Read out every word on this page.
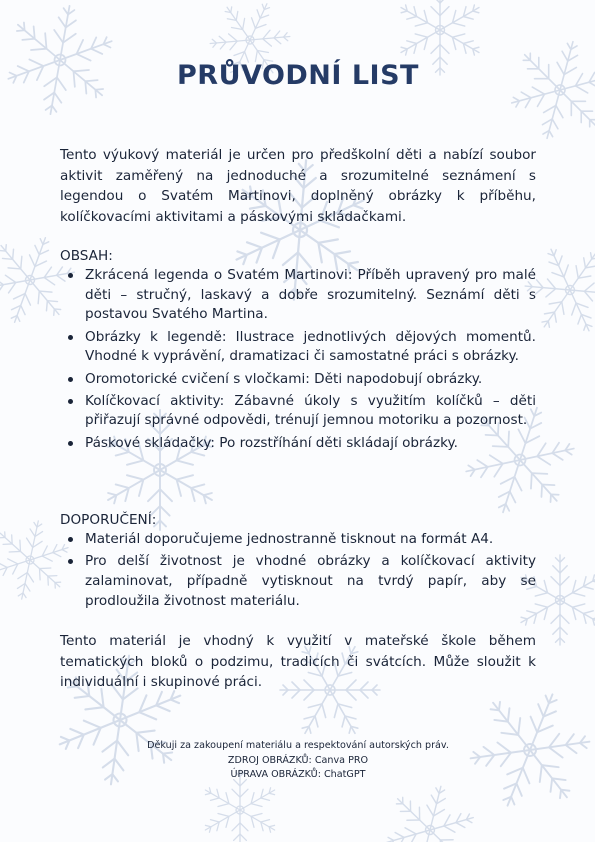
PRŮVODNÍ LIST

Tento výukový materiál je určen pro předškolní děti a nabízí soubor aktivit zaměřený na jednoduché a srozumitelné seznámení s legendou o Svatém Martinovi, doplněný obrázky k příběhu, kolíčkovacími aktivitami a páskovými skládačkami.

OBSAH:
Zkrácená legenda o Svatém Martinovi: Příběh upravený pro malé děti – stručný, laskavý a dobře srozumitelný. Seznámí děti s postavou Svatého Martina.
Obrázky k legendě: Ilustrace jednotlivých dějových momentů. Vhodné k vyprávění, dramatizaci či samostatné práci s obrázky.
Oromotorické cvičení s vločkami: Děti napodobují obrázky.
Kolíčkovací aktivity: Zábavné úkoly s využitím kolíčků – děti přiřazují správné odpovědi, trénují jemnou motoriku a pozornost.
Páskové skládačky: Po rozstříhání děti skládají obrázky.
DOPORUČENÍ:
Materiál doporučujeme jednostranně tisknout na formát A4.
Pro delší životnost je vhodné obrázky a kolíčkovací aktivity zalaminovat, případně vytisknout na tvrdý papír, aby se prodloužila životnost materiálu.

Tento materiál je vhodný k využití v mateřské škole během tematických bloků o podzimu, tradicích či svátcích. Může sloužit k individuální i skupinové práci.

Děkuji za zakoupení materiálu a respektování autorských práv.
ZDROJ OBRÁZKŮ: Canva PRO
ÚPRAVA OBRÁZKŮ: ChatGPT
